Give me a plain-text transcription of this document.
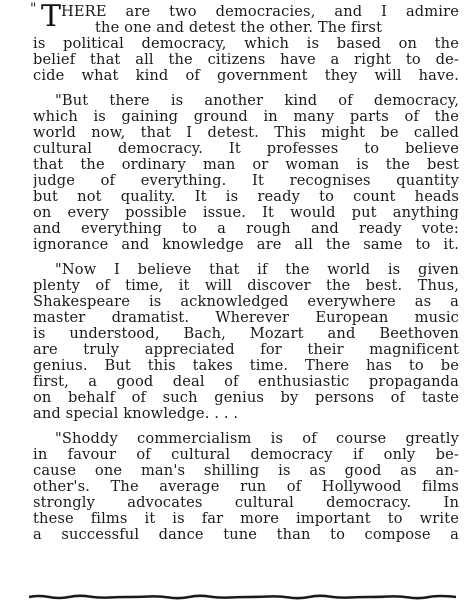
" T HERE are two democracies, and I admire
the one and detest the other. The first
is political democracy, which is based on the
belief that all the citizens have a right to de-
cide what kind of government they will have.
"But there is another kind of democracy,
which is gaining ground in many parts of the
world now, that I detest. This might be called
cultural democracy. It professes to believe
that the ordinary man or woman is the best
judge of everything. It recognises quantity
but not quality. It is ready to count heads
on every possible issue. It would put anything
and everything to a rough and ready vote:
ignorance and knowledge are all the same to it.
"Now I believe that if the world is given
plenty of time, it will discover the best. Thus,
Shakespeare is acknowledged everywhere as a
master dramatist. Wherever European music
is understood, Bach, Mozart and Beethoven
are truly appreciated for their magnificent
genius. But this takes time. There has to be
first, a good deal of enthusiastic propaganda
on behalf of such genius by persons of taste
and special knowledge. . . .
"Shoddy commercialism is of course greatly
in favour of cultural democracy if only be-
cause one man's shilling is as good as an-
other's. The average run of Hollywood films
strongly advocates cultural democracy. In
these films it is far more important to write
a successful dance tune than to compose a
